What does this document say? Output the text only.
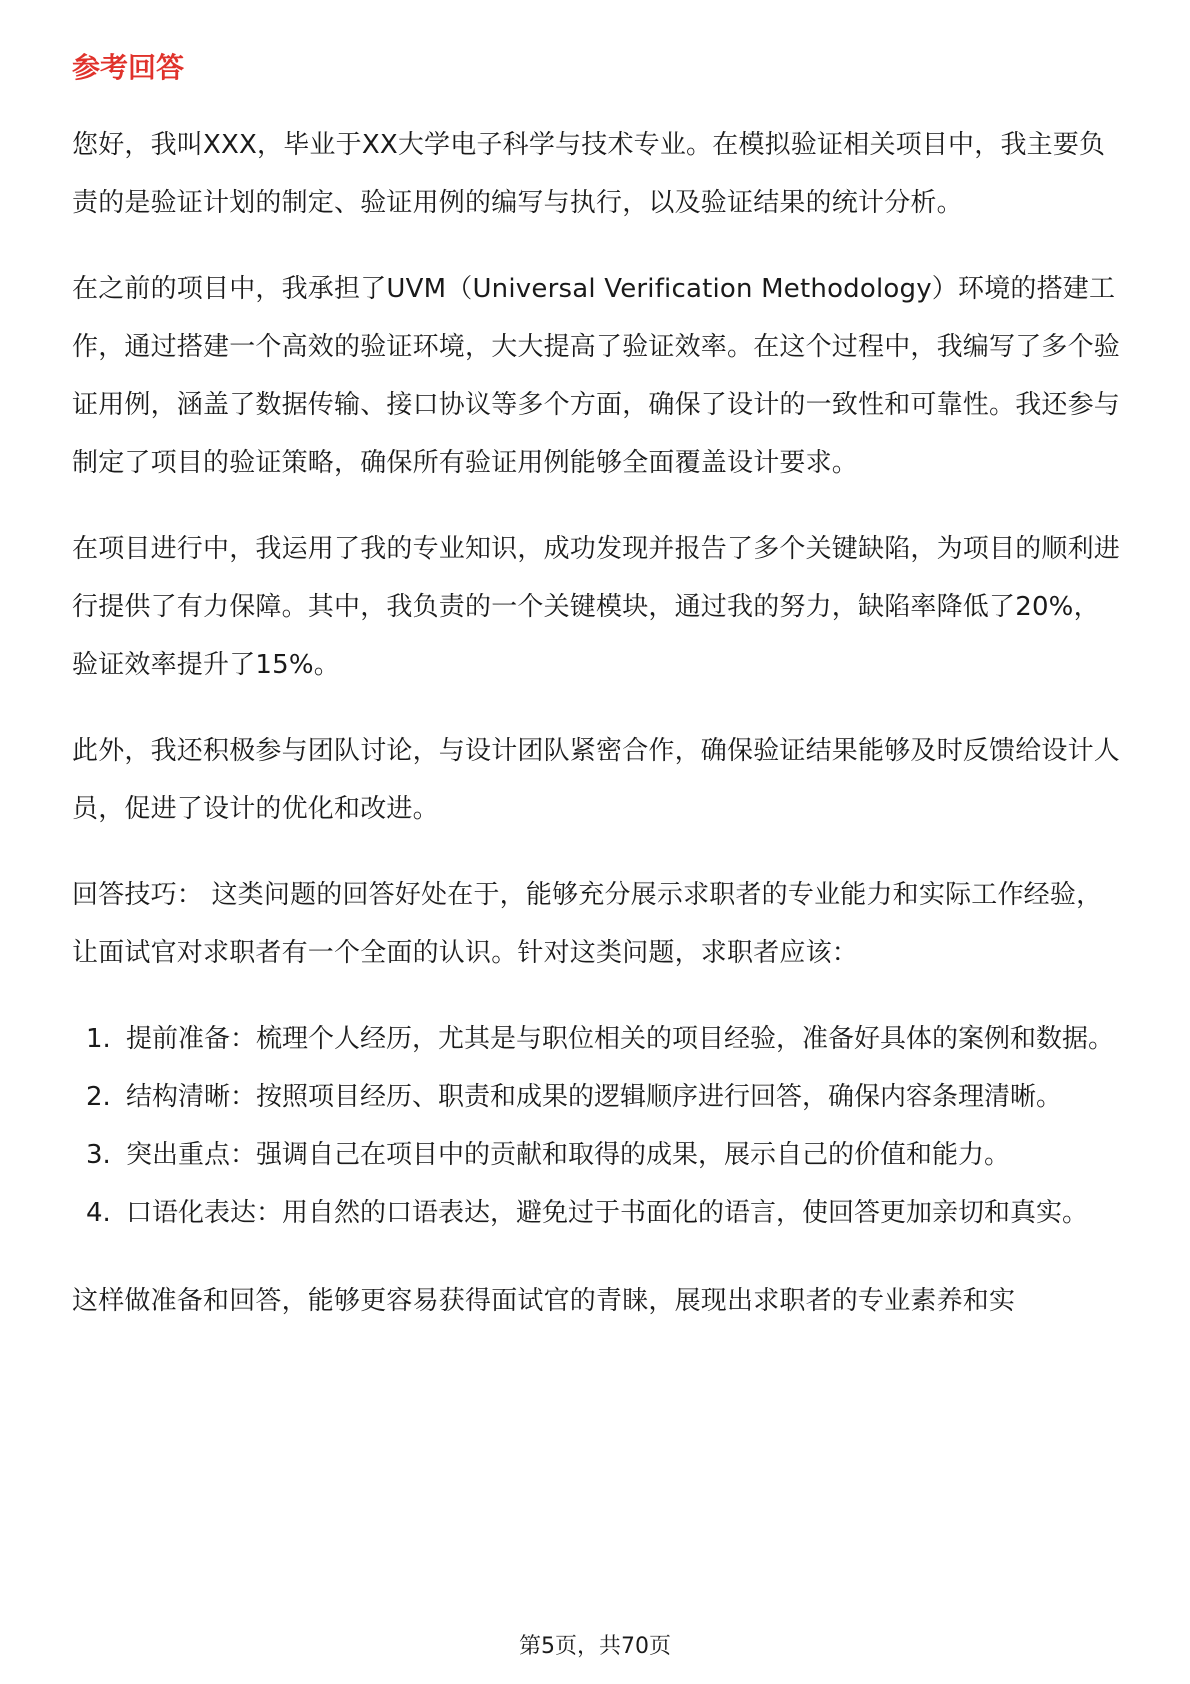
参考回答

您好，我叫XXX，毕业于XX大学电子科学与技术专业。在模拟验证相关项目中，我主要负责的是验证计划的制定、验证用例的编写与执行，以及验证结果的统计分析。

在之前的项目中，我承担了UVM（Universal Verification Methodology）环境的搭建工作，通过搭建一个高效的验证环境，大大提高了验证效率。在这个过程中，我编写了多个验证用例，涵盖了数据传输、接口协议等多个方面，确保了设计的一致性和可靠性。我还参与制定了项目的验证策略，确保所有验证用例能够全面覆盖设计要求。

在项目进行中，我运用了我的专业知识，成功发现并报告了多个关键缺陷，为项目的顺利进行提供了有力保障。其中，我负责的一个关键模块，通过我的努力，缺陷率降低了20%，验证效率提升了15%。

此外，我还积极参与团队讨论，与设计团队紧密合作，确保验证结果能够及时反馈给设计人员，促进了设计的优化和改进。

回答技巧： 这类问题的回答好处在于，能够充分展示求职者的专业能力和实际工作经验，让面试官对求职者有一个全面的认识。针对这类问题，求职者应该：

1. 提前准备：梳理个人经历，尤其是与职位相关的项目经验，准备好具体的案例和数据。
2. 结构清晰：按照项目经历、职责和成果的逻辑顺序进行回答，确保内容条理清晰。
3. 突出重点：强调自己在项目中的贡献和取得的成果，展示自己的价值和能力。
4. 口语化表达：用自然的口语表达，避免过于书面化的语言，使回答更加亲切和真实。

这样做准备和回答，能够更容易获得面试官的青睐，展现出求职者的专业素养和实

第5页，共70页
